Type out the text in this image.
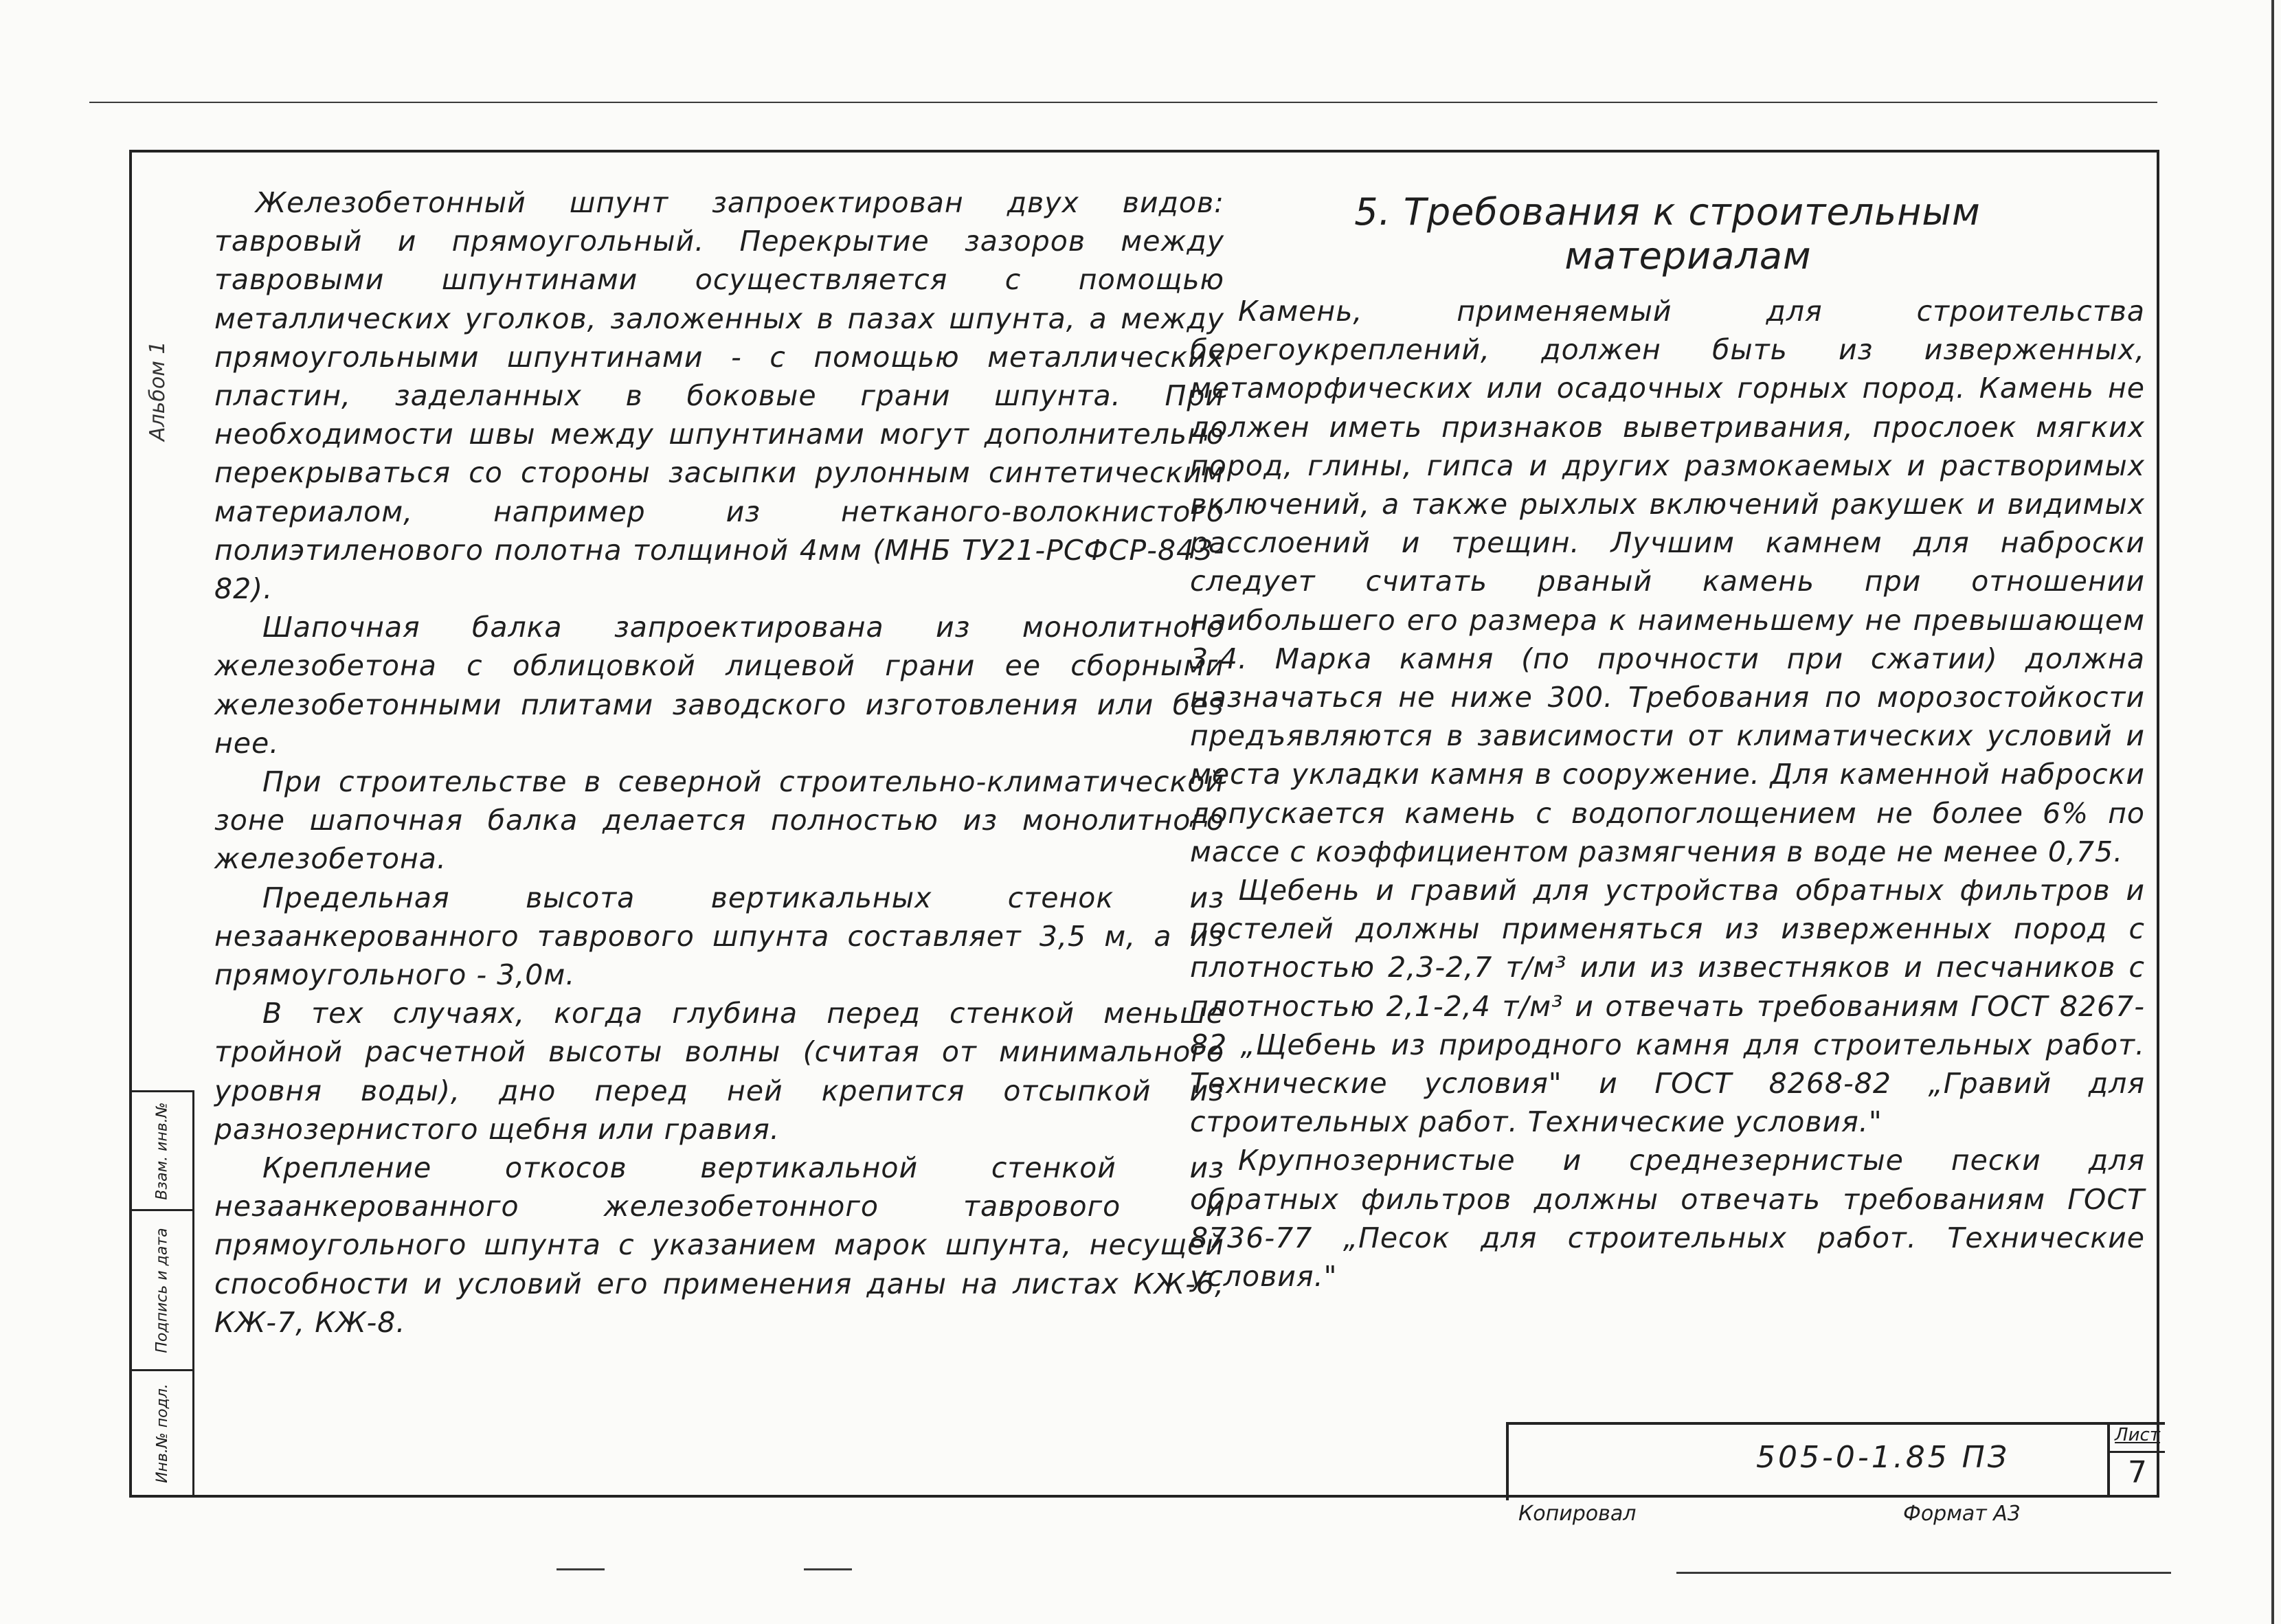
Альбом 1
Взам. инв.№
Подпись и дата
Инв.№ подл.

Железобетонный шпунт запроектирован двух видов: тавровый и прямоугольный. Перекрытие зазоров между тавровыми шпунтинами осуществляется с помощью металлических уголков, заложенных в пазах шпунта, а между прямоугольными шпунтинами - с помощью металлических пластин, заделанных в боковые грани шпунта. При необходимости швы между шпунтинами могут дополнительно перекрываться со стороны засыпки рулонным синтетическим материалом, например из нетканого-волокнистого полиэтиленового полотна толщиной 4мм (МНБ ТУ21-РСФСР-843-82).

Шапочная балка запроектирована из монолитного железобетона с облицовкой лицевой грани ее сборными железобетонными плитами заводского изготовления или без нее.

При строительстве в северной строительно-климатической зоне шапочная балка делается полностью из монолитного железобетона.

Предельная высота вертикальных стенок из незаанкерованного таврового шпунта составляет 3,5 м, а из прямоугольного - 3,0м.

В тех случаях, когда глубина перед стенкой меньше тройной расчетной высоты волны (считая от минимального уровня воды), дно перед ней крепится отсыпкой из разнозернистого щебня или гравия.

Крепление откосов вертикальной стенкой из незаанкерованного железобетонного таврового и прямоугольного шпунта с указанием марок шпунта, несущей способности и условий его применения даны на листах КЖ-6, КЖ-7, КЖ-8.

5. Требования к строительным
материалам

Камень, применяемый для строительства берегоукреплений, должен быть из изверженных, метаморфических или осадочных горных пород. Камень не должен иметь признаков выветривания, прослоек мягких пород, глины, гипса и других размокаемых и растворимых включений, а также рыхлых включений ракушек и видимых расслоений и трещин. Лучшим камнем для наброски следует считать рваный камень при отношении наибольшего его размера к наименьшему не превышающем 3-4. Марка камня (по прочности при сжатии) должна назначаться не ниже 300. Требования по морозостойкости предъявляются в зависимости от климатических условий и места укладки камня в сооружение. Для каменной наброски допускается камень с водопоглощением не более 6% по массе с коэффициентом размягчения в воде не менее 0,75.

Щебень и гравий для устройства обратных фильтров и постелей должны применяться из изверженных пород с плотностью 2,3-2,7 т/м³ или из известняков и песчаников с плотностью 2,1-2,4 т/м³ и отвечать требованиям ГОСТ 8267-82 „Щебень из природного камня для строительных работ. Технические условия" и ГОСТ 8268-82 „Гравий для строительных работ. Технические условия."

Крупнозернистые и среднезернистые пески для обратных фильтров должны отвечать требованиям ГОСТ 8736-77 „Песок для строительных работ. Технические условия."

505-0-1.85 ПЗ
Лист
7
Копировал	Формат А3
